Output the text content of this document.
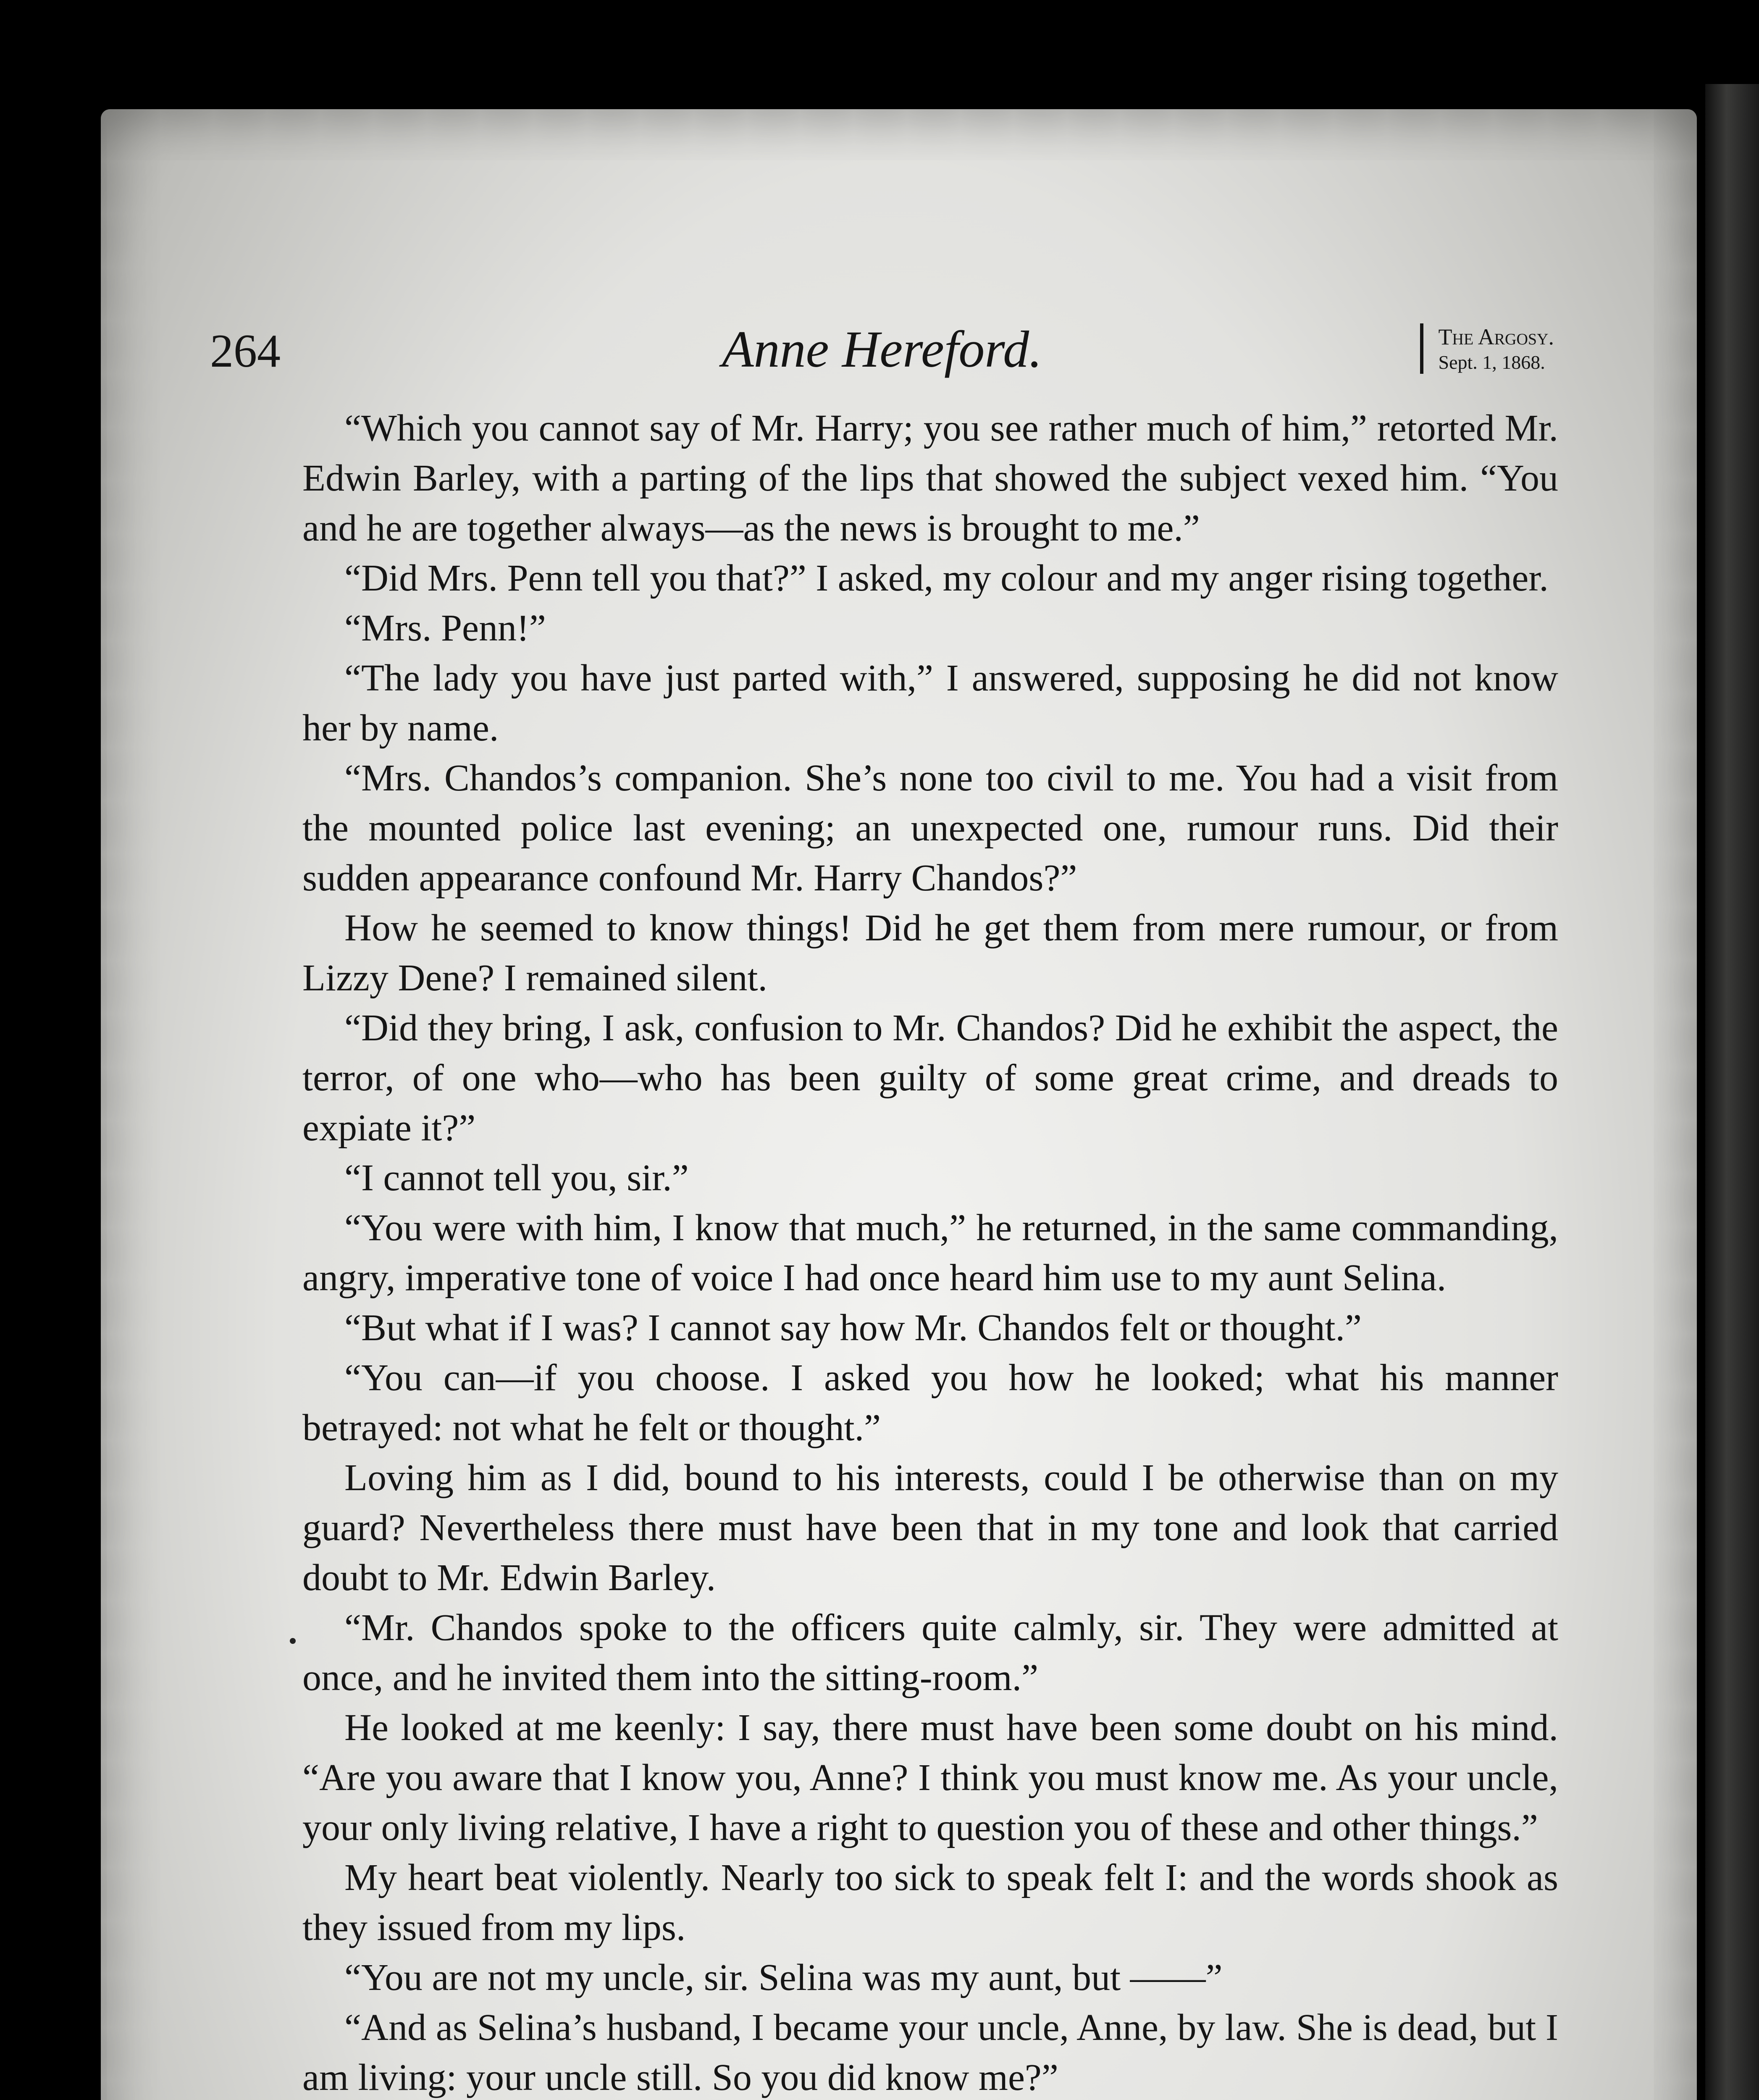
264	Anne Hereford.	The Argosy.
Sept. 1, 1868.

“Which you cannot say of Mr. Harry; you see rather much of him,” retorted Mr. Edwin Barley, with a parting of the lips that showed the subject vexed him. “You and he are together always—as the news is brought to me.”

“Did Mrs. Penn tell you that?” I asked, my colour and my anger rising together.

“Mrs. Penn!”

“The lady you have just parted with,” I answered, supposing he did not know her by name.

“Mrs. Chandos’s companion. She’s none too civil to me. You had a visit from the mounted police last evening; an unexpected one, rumour runs. Did their sudden appearance confound Mr. Harry Chandos?”

How he seemed to know things! Did he get them from mere rumour, or from Lizzy Dene? I remained silent.

“Did they bring, I ask, confusion to Mr. Chandos? Did he exhibit the aspect, the terror, of one who—who has been guilty of some great crime, and dreads to expiate it?”

“I cannot tell you, sir.”

“You were with him, I know that much,” he returned, in the same commanding, angry, imperative tone of voice I had once heard him use to my aunt Selina.

“But what if I was? I cannot say how Mr. Chandos felt or thought.”

“You can—if you choose. I asked you how he looked; what his manner betrayed: not what he felt or thought.”

Loving him as I did, bound to his interests, could I be otherwise than on my guard? Nevertheless there must have been that in my tone and look that carried doubt to Mr. Edwin Barley.

“Mr. Chandos spoke to the officers quite calmly, sir. They were admitted at once, and he invited them into the sitting-room.”

He looked at me keenly: I say, there must have been some doubt on his mind. “Are you aware that I know you, Anne? I think you must know me. As your uncle, your only living relative, I have a right to question you of these and other things.”

My heart beat violently. Nearly too sick to speak felt I: and the words shook as they issued from my lips.

“You are not my uncle, sir. Selina was my aunt, but ——”

“And as Selina’s husband, I became your uncle, Anne, by law. She is dead, but I am living: your uncle still. So you did know me?”
